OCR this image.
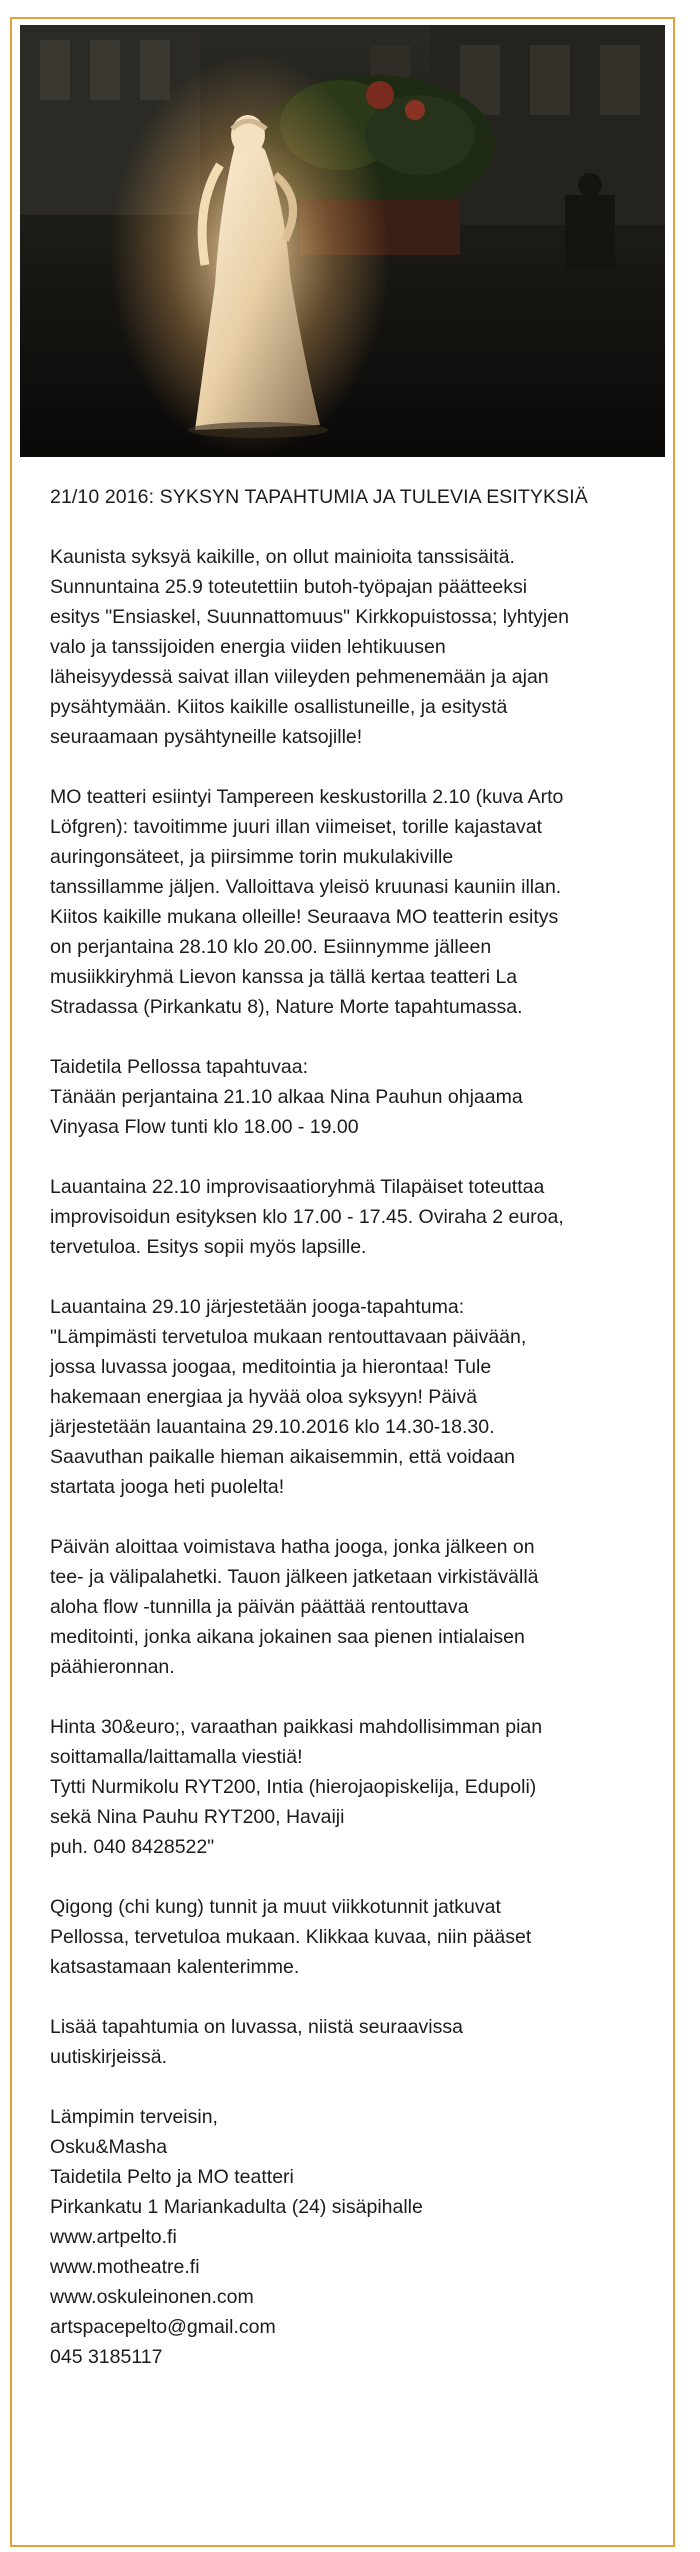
21/10 2016: SYKSYN TAPAHTUMIA JA TULEVIA ESITYKSIÄ
Kaunista syksyä kaikille, on ollut mainioita tanssisäitä.
Sunnuntaina 25.9 toteutettiin butoh-työpajan päätteeksi
esitys "Ensiaskel, Suunnattomuus" Kirkkopuistossa; lyhtyjen
valo ja tanssijoiden energia viiden lehtikuusen
läheisyydessä saivat illan viileyden pehmenemään ja ajan
pysähtymään. Kiitos kaikille osallistuneille, ja esitystä
seuraamaan pysähtyneille katsojille!
MO teatteri esiintyi Tampereen keskustorilla 2.10 (kuva Arto
Löfgren): tavoitimme juuri illan viimeiset, torille kajastavat
auringonsäteet, ja piirsimme torin mukulakiville
tanssillamme jäljen. Valloittava yleisö kruunasi kauniin illan.
Kiitos kaikille mukana olleille! Seuraava MO teatterin esitys
on perjantaina 28.10 klo 20.00. Esiinnymme jälleen
musiikkiryhmä Lievon kanssa ja tällä kertaa teatteri La
Stradassa (Pirkankatu 8), Nature Morte tapahtumassa.
Taidetila Pellossa tapahtuvaa:
Tänään perjantaina 21.10 alkaa Nina Pauhun ohjaama
Vinyasa Flow tunti klo 18.00 - 19.00
Lauantaina 22.10 improvisaatioryhmä Tilapäiset toteuttaa
improvisoidun esityksen klo 17.00 - 17.45. Oviraha 2 euroa,
tervetuloa. Esitys sopii myös lapsille.
Lauantaina 29.10 järjestetään jooga-tapahtuma:
"Lämpimästi tervetuloa mukaan rentouttavaan päivään,
jossa luvassa joogaa, meditointia ja hierontaa! Tule
hakemaan energiaa ja hyvää oloa syksyyn! Päivä
järjestetään lauantaina 29.10.2016 klo 14.30-18.30.
Saavuthan paikalle hieman aikaisemmin, että voidaan
startata jooga heti puolelta!
Päivän aloittaa voimistava hatha jooga, jonka jälkeen on
tee- ja välipalahetki. Tauon jälkeen jatketaan virkistävällä
aloha flow -tunnilla ja päivän päättää rentouttava
meditointi, jonka aikana jokainen saa pienen intialaisen
päähieronnan.
Hinta 30&euro;, varaathan paikkasi mahdollisimman pian
soittamalla/laittamalla viestiä!
Tytti Nurmikolu RYT200, Intia (hierojaopiskelija, Edupoli)
sekä Nina Pauhu RYT200, Havaiji
puh. 040 8428522"
Qigong (chi kung) tunnit ja muut viikkotunnit jatkuvat
Pellossa, tervetuloa mukaan. Klikkaa kuvaa, niin pääset
katsastamaan kalenterimme.
Lisää tapahtumia on luvassa, niistä seuraavissa
uutiskirjeissä.
Lämpimin terveisin,
Osku&Masha
Taidetila Pelto ja MO teatteri
Pirkankatu 1 Mariankadulta (24) sisäpihalle
www.artpelto.fi
www.motheatre.fi
www.oskuleinonen.com
artspacepelto@gmail.com
045 3185117
